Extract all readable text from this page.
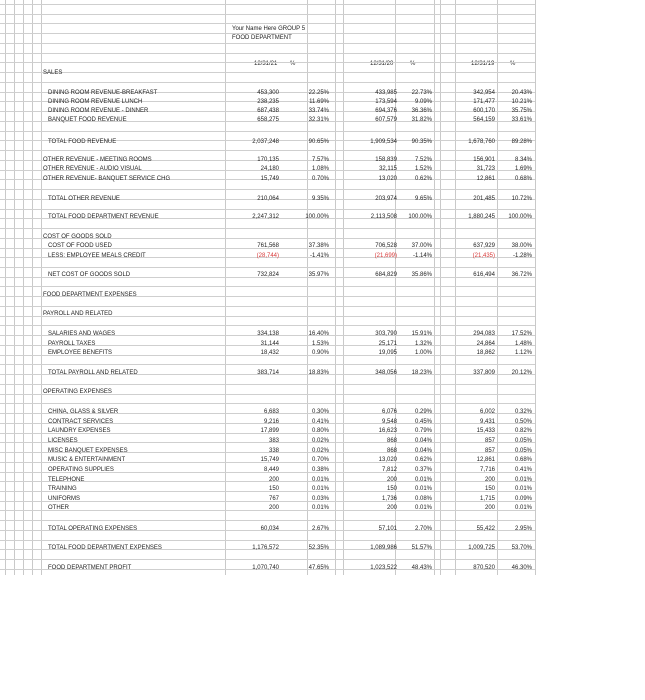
Your Name Here GROUP 5
FOOD DEPARTMENT
12/31/21 %	12/31/20	%	12/31/19	%
SALES
DINING ROOM REVENUE-BREAKFAST	453,300	22.25%	433,985 22.73%	342,954	20.43%
DINING ROOM REVENUE LUNCH	238,235	11.69%	173,594	9.09%	171,477	10.21%
DINING ROOM REVENUE - DINNER	687,438	33.74%	694,376 36.36%	600,170	35.75%
BANQUET FOOD REVENUE	658,275	32.31%	607,579 31.82%	564,159	33.61%
TOTAL FOOD REVENUE	2,037,248	90.65%	1,909,534 90.35%	1,678,760	89.28%
OTHER REVENUE - MEETING ROOMS	170,135	7.57%	158,839	7.52%	156,901	8.34%
OTHER REVENUE - AUDIO VISUAL	24,180	1.08%	32,115	1.52%	31,723	1.69%
OTHER REVENUE- BANQUET SERVICE CHG	15,749	0.70%	13,020	0.62%	12,861	0.68%
TOTAL OTHER REVENUE	210,064	9.35%	203,974	9.65%	201,485	10.72%
TOTAL FOOD DEPARTMENT REVENUE	2,247,312	100.00%	2,113,508 100.00%	1,880,245 100.00%
COST OF GOODS SOLD
COST OF FOOD USED	761,568	37.38%	706,528 37.00%	637,929	38.00%
LESS: EMPLOYEE MEALS CREDIT	(28,744)	-1.41%	(21,699)	-1.14%	(21,435)	-1.28%
NET COST OF GOODS SOLD	732,824	35.97%	684,829 35.86%	616,494	36.72%
FOOD DEPARTMENT EXPENSES
PAYROLL AND RELATED
SALARIES AND WAGES	334,138	16.40%	303,790 15.91%	294,083	17.52%
PAYROLL TAXES	31,144	1.53%	25,171	1.32%	24,864	1.48%
EMPLOYEE BENEFITS	18,432	0.90%	19,095	1.00%	18,862	1.12%
TOTAL PAYROLL AND RELATED	383,714	18.83%	348,056 18.23%	337,809	20.12%
OPERATING EXPENSES
CHINA, GLASS & SILVER	6,683	0.30%	6,076	0.29%	6,002	0.32%
CONTRACT SERVICES	9,216	0.41%	9,548	0.45%	9,431	0.50%
LAUNDRY EXPENSES	17,899	0.80%	16,623	0.79%	15,433	0.82%
LICENSES	383	0.02%	868	0.04%	857	0.05%
MISC BANQUET EXPENSES	338	0.02%	868	0.04%	857	0.05%
MUSIC & ENTERTAINMENT	15,749	0.70%	13,020	0.62%	12,861	0.68%
OPERATING SUPPLIES	8,449	0.38%	7,812	0.37%	7,716	0.41%
TELEPHONE	200	0.01%	200	0.01%	200	0.01%
TRAINING	150	0.01%	150	0.01%	150	0.01%
UNIFORMS	767	0.03%	1,736	0.08%	1,715	0.09%
OTHER	200	0.01%	200	0.01%	200	0.01%
TOTAL OPERATING EXPENSES	60,034	2.67%	57,101	2.70%	55,422	2.95%
TOTAL FOOD DEPARTMENT EXPENSES	1,176,572	52.35%	1,089,986 51.57%	1,009,725	53.70%
FOOD DEPARTMENT PROFIT	1,070,740	47.65%	1,023,522 48.43%	870,520	46.30%
